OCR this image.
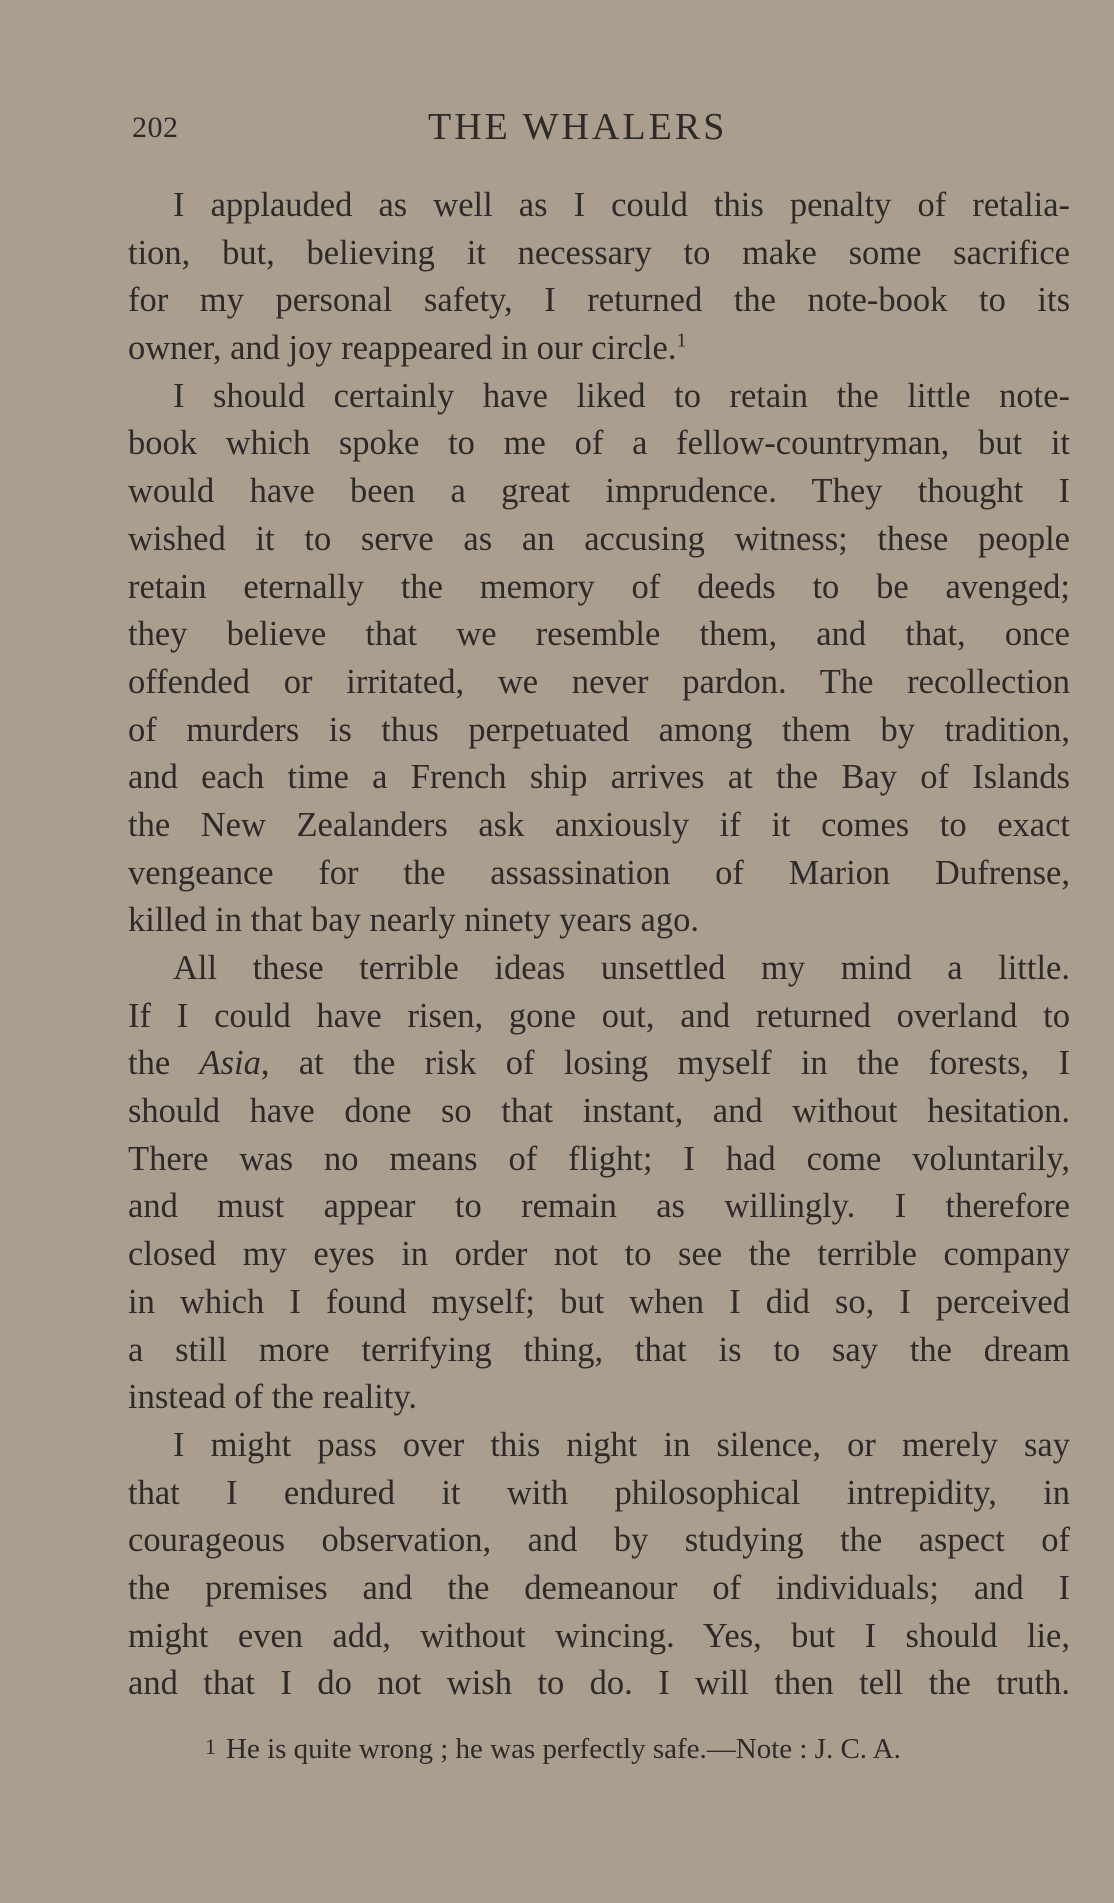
202	THE WHALERS
I applauded as well as I could this penalty of retalia-
tion, but, believing it necessary to make some sacrifice
for my personal safety, I returned the note-book to its
owner, and joy reappeared in our circle.$^1$
I should certainly have liked to retain the little note-
book which spoke to me of a fellow-countryman, but it
would have been a great imprudence. They thought I
wished it to serve as an accusing witness; these people
retain eternally the memory of deeds to be avenged;
they believe that we resemble them, and that, once
offended or irritated, we never pardon. The recollection
of murders is thus perpetuated among them by tradition,
and each time a French ship arrives at the Bay of Islands
the New Zealanders ask anxiously if it comes to exact
vengeance for the assassination of Marion Dufrense,
killed in that bay nearly ninety years ago.
All these terrible ideas unsettled my mind a little.
If I could have risen, gone out, and returned overland to
the Asia, at the risk of losing myself in the forests, I
should have done so that instant, and without hesitation.
There was no means of flight; I had come voluntarily,
and must appear to remain as willingly. I therefore
closed my eyes in order not to see the terrible company
in which I found myself; but when I did so, I perceived
a still more terrifying thing, that is to say the dream
instead of the reality.
I might pass over this night in silence, or merely say
that I endured it with philosophical intrepidity, in
courageous observation, and by studying the aspect of
the premises and the demeanour of individuals; and I
might even add, without wincing. Yes, but I should lie,
and that I do not wish to do. I will then tell the truth.
1 He is quite wrong ; he was perfectly safe.—Note : J. C. A.
